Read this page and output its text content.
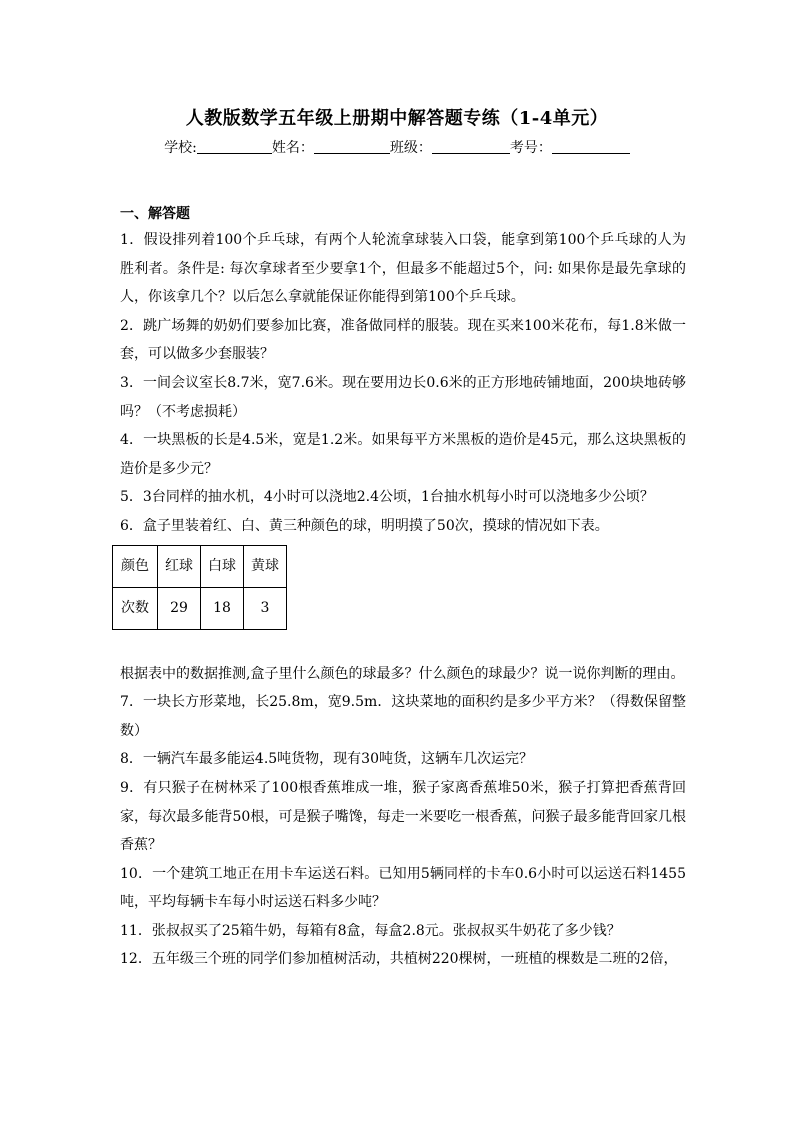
人教版数学五年级上册期中解答题专练（1-4单元）
学校:	姓名：	班级：	考号：
一、解答题

1．假设排列着100个乒乓球，有两个人轮流拿球装入口袋，能拿到第100个乒乓球的人为胜利者。条件是: 每次拿球者至少要拿1个，但最多不能超过5个，问: 如果你是最先拿球的人，你该拿几个？以后怎么拿就能保证你能得到第100个乒乓球。

2．跳广场舞的奶奶们要参加比赛，准备做同样的服装。现在买来100米花布，每1.8米做一套，可以做多少套服装？

3．一间会议室长8.7米，宽7.6米。现在要用边长0.6米的正方形地砖铺地面，200块地砖够吗？（不考虑损耗）

4．一块黑板的长是4.5米，宽是1.2米。如果每平方米黑板的造价是45元，那么这块黑板的造价是多少元？

5．3台同样的抽水机，4小时可以浇地2.4公顷，1台抽水机每小时可以浇地多少公顷？

6．盒子里装着红、白、黄三种颜色的球，明明摸了50次，摸球的情况如下表。

颜色	红球	白球	黄球
次数	29	18	3

根据表中的数据推测,盒子里什么颜色的球最多？什么颜色的球最少？说一说你判断的理由。

7．一块长方形菜地，长25.8m，宽9.5m．这块菜地的面积约是多少平方米？（得数保留整数）

8．一辆汽车最多能运4.5吨货物，现有30吨货，这辆车几次运完？

9．有只猴子在树林采了100根香蕉堆成一堆，猴子家离香蕉堆50米，猴子打算把香蕉背回家，每次最多能背50根，可是猴子嘴馋，每走一米要吃一根香蕉，问猴子最多能背回家几根香蕉？

10．一个建筑工地正在用卡车运送石料。已知用5辆同样的卡车0.6小时可以运送石料1455吨，平均每辆卡车每小时运送石料多少吨？

11．张叔叔买了25箱牛奶，每箱有8盒，每盒2.8元。张叔叔买牛奶花了多少钱？

12．五年级三个班的同学们参加植树活动，共植树220棵树，一班植的棵数是二班的2倍，
